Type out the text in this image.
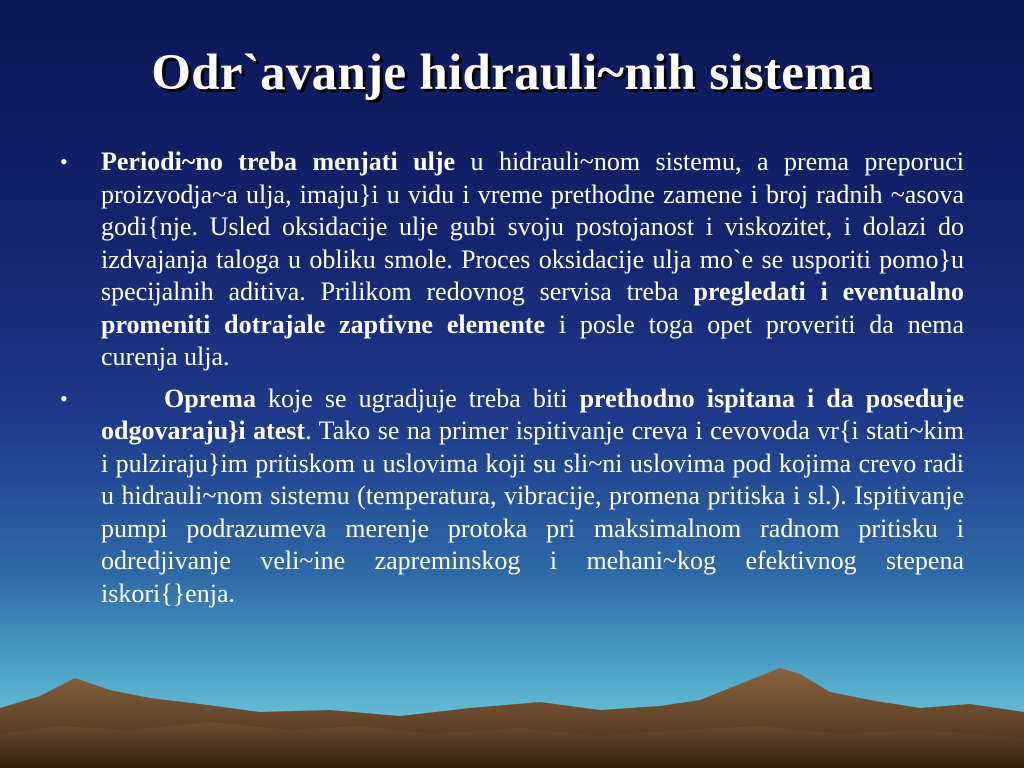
Odr`avanje hidrauli~nih sistema

• Periodi~no treba menjati ulje u hidrauli~nom sistemu, a prema preporuci proizvodja~a ulja, imaju}i u vidu i vreme prethodne zamene i broj radnih ~asova godi{nje. Usled oksidacije ulje gubi svoju postojanost i viskozitet, i dolazi do izdvajanja taloga u obliku smole. Proces oksidacije ulja mo`e se usporiti pomo}u specijalnih aditiva. Prilikom redovnog servisa treba pregledati i eventualno promeniti dotrajale zaptivne elemente i posle toga opet proveriti da nema curenja ulja.

•	Oprema koje se ugradjuje treba biti prethodno ispitana i da poseduje odgovaraju}i atest. Tako se na primer ispitivanje creva i cevovoda vr{i stati~kim i pulziraju}im pritiskom u uslovima koji su sli~ni uslovima pod kojima crevo radi u hidrauli~nom sistemu (temperatura, vibracije, promena pritiska i sl.). Ispitivanje pumpi podrazumeva merenje protoka pri maksimalnom radnom pritisku i odredjivanje veli~ine zapreminskog i mehani~kog efektivnog stepena iskori{}enja.
